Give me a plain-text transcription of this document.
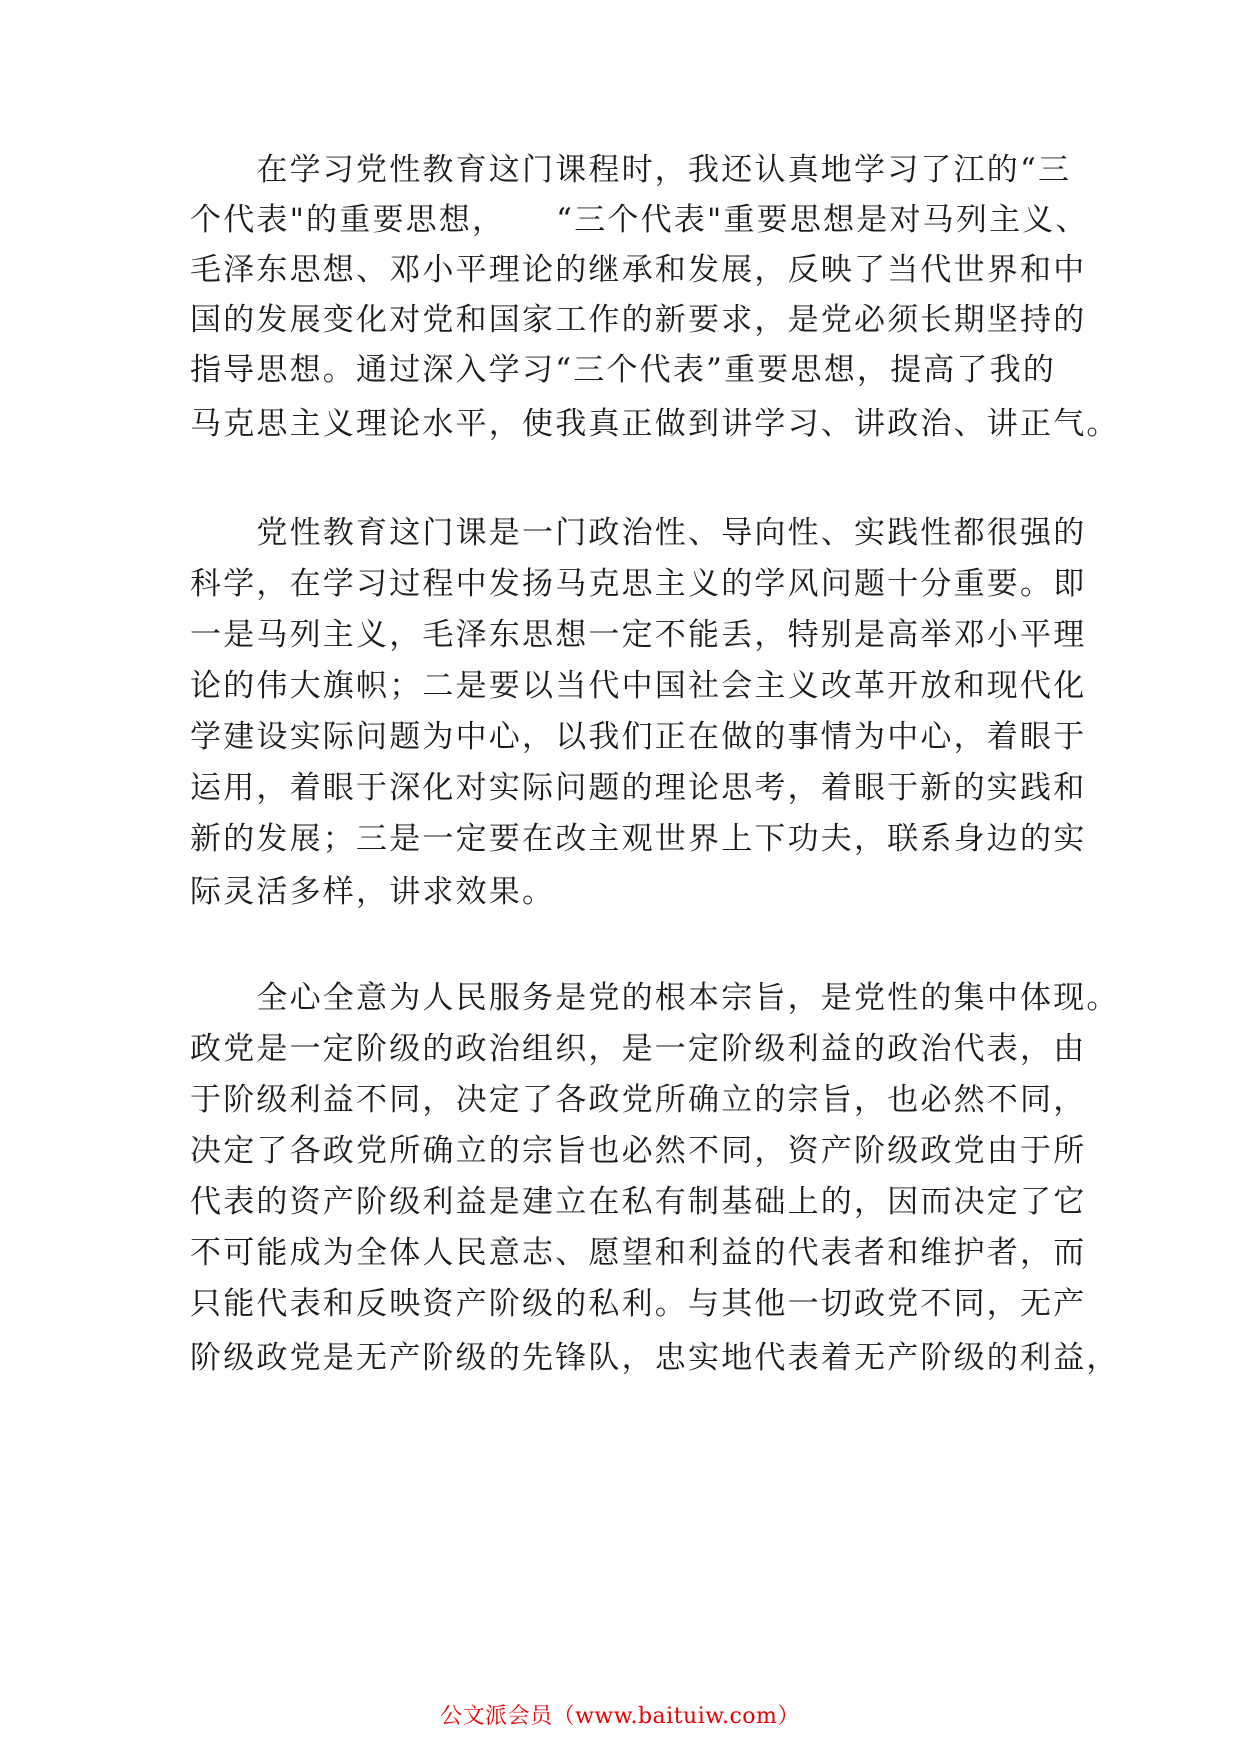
　　在学习党性教育这门课程时，我还认真地学习了江的“三
个代表"的重要思想，　　“三个代表"重要思想是对马列主义、
毛泽东思想、邓小平理论的继承和发展，反映了当代世界和中
国的发展变化对党和国家工作的新要求，是党必须长期坚持的
指导思想。通过深入学习“三个代表”重要思想，提高了我的
马克思主义理论水平，使我真正做到讲学习、讲政治、讲正气。
　　党性教育这门课是一门政治性、导向性、实践性都很强的
科学，在学习过程中发扬马克思主义的学风问题十分重要。即
一是马列主义，毛泽东思想一定不能丢，特别是高举邓小平理
论的伟大旗帜；二是要以当代中国社会主义改革开放和现代化
学建设实际问题为中心，以我们正在做的事情为中心，着眼于
运用，着眼于深化对实际问题的理论思考，着眼于新的实践和
新的发展；三是一定要在改主观世界上下功夫，联系身边的实
际灵活多样，讲求效果。
　　全心全意为人民服务是党的根本宗旨，是党性的集中体现。
政党是一定阶级的政治组织，是一定阶级利益的政治代表，由
于阶级利益不同，决定了各政党所确立的宗旨，也必然不同，
决定了各政党所确立的宗旨也必然不同，资产阶级政党由于所
代表的资产阶级利益是建立在私有制基础上的，因而决定了它
不可能成为全体人民意志、愿望和利益的代表者和维护者，而
只能代表和反映资产阶级的私利。与其他一切政党不同，无产
阶级政党是无产阶级的先锋队，忠实地代表着无产阶级的利益，
公文派会员（www.baituiw.com）
